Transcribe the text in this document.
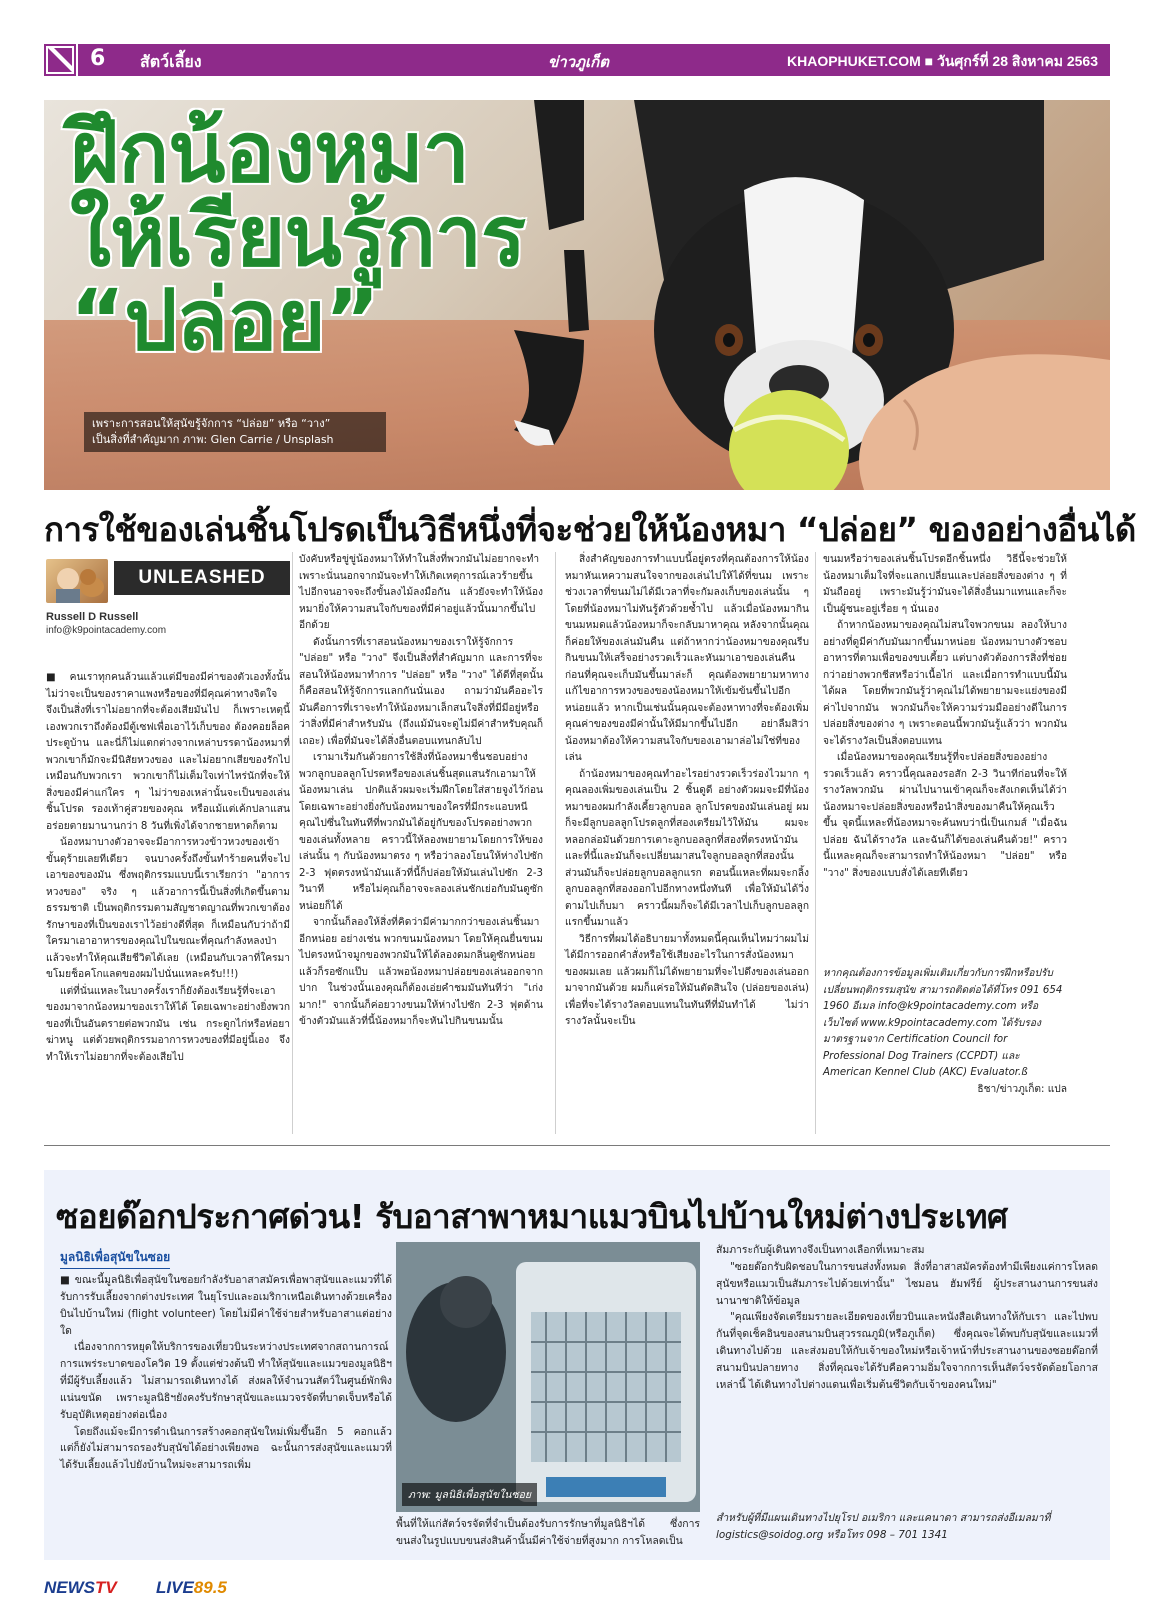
6 สัตว์เลี้ยง	ข่าวภูเก็ต	KHAOPHUKET.COM ■ วันศุกร์ที่ 28 สิงหาคม 2563
ฝึกน้องหมา
ให้เรียนรู้การ
“ปล่อย”
เพราะการสอนให้สุนัขรู้จักการ “ปล่อย” หรือ “วาง”
เป็นสิ่งที่สำคัญมาก ภาพ: Glen Carrie / Unsplash
การใช้ของเล่นชิ้นโปรดเป็นวิธีหนึ่งที่จะช่วยให้น้องหมา “ปล่อย” ของอย่างอื่นได้
UNLEASHED
Russell D Russell
info@k9pointacademy.com

■ คนเราทุกคนล้วนแล้วแต่มีของมีค่าของตัวเองทั้งนั้น ไม่ว่าจะเป็นของราคาแพงหรือของที่มีคุณค่าทางจิตใจ จึงเป็นสิ่งที่เราไม่อยากที่จะต้องเสียมันไป ก็เพราะเหตุนี้เองพวกเราถึงต้องมีตู้เซฟเพื่อเอาไว้เก็บของ ต้องคอยล็อคประตูบ้าน และนี่ก็ไม่แตกต่างจากเหล่าบรรดาน้องหมาที่พวกเขาก็มักจะมีนิสัยหวงของ และไม่อยากเสียของรักไปเหมือนกับพวกเรา พวกเขาก็ไม่เต็มใจเท่าไหร่นักที่จะให้สิ่งของมีค่าแก่ใคร ๆ ไม่ว่าของเหล่านั้นจะเป็นของเล่นชิ้นโปรด รองเท้าคู่สวยของคุณ หรือแม้แต่เค้กปลาแสนอร่อยตายมานานกว่า 8 วันที่เพิ่งได้จากชายหาดก็ตาม

น้องหมาบางตัวอาจจะมีอาการหวงข้าวหวงของเข้าขั้นดุร้ายเลยทีเดียว จนบางครั้งถึงขั้นทำร้ายคนที่จะไปเอาของของมัน ซึ่งพฤติกรรมแบบนี้เราเรียกว่า "อาการหวงของ" จริง ๆ แล้วอาการนี้เป็นสิ่งที่เกิดขึ้นตามธรรมชาติ เป็นพฤติกรรมตามสัญชาตญาณที่พวกเขาต้องรักษาของที่เป็นของเราไว้อย่างดีที่สุด ก็เหมือนกับว่าถ้ามีใครมาเอาอาหารของคุณไปในขณะที่คุณกำลังหลงป่าแล้วจะทำให้คุณเสียชีวิตได้เลย (เหมือนกับเวลาที่ใครมา ขโมยช็อคโกแลตของผมไปนั่นแหละครับ!!!)

แต่ที่นั่นแหละในบางครั้งเราก็ยังต้องเรียนรู้ที่จะเอาของมาจากน้องหมาของเราให้ได้ โดยเฉพาะอย่างยิ่งพวกของที่เป็นอันตรายต่อพวกมัน เช่น กระดูกไก่หรือห่อยาฆ่าหนู แต่ด้วยพฤติกรรมอาการหวงของที่มีอยู่นี้เอง จึงทำให้เราไม่อยากที่จะต้องเสียไป

บังคับหรือขู่ขู่น้องหมาให้ทำในสิ่งที่พวกมันไม่อยากจะทำ เพราะนั่นนอกจากมันจะทำให้เกิดเหตุการณ์เลวร้ายขึ้นไปอีกจนอาจจะถึงขั้นลงไม้ลงมือกัน แล้วยังจะทำให้น้องหมายิ่งให้ความสนใจกับของที่มีค่าอยู่แล้วนั้นมากขึ้นไปอีกด้วย

ดังนั้นการที่เราสอนน้องหมาของเราให้รู้จักการ "ปล่อย" หรือ "วาง" จึงเป็นสิ่งที่สำคัญมาก และการที่จะสอนให้น้องหมาทำการ "ปล่อย" หรือ "วาง" ได้ดีที่สุดนั้นก็คือสอนให้รู้จักการแลกกันนั่นเอง ถามว่ามันคืออะไร มันคือการที่เราจะทำให้น้องหมาเล็กสนใจสิ่งที่มีมีอยู่หรือว่าสิ่งที่มีค่าสำหรับมัน (ถึงแม้มันจะดูไม่มีค่าสำหรับคุณก็เถอะ) เพื่อที่มันจะได้สิ่งอื่นตอบแทนกลับไป

เรามาเริ่มกันด้วยการใช้สิ่งที่น้องหมาชื่นชอบอย่างพวกลูกบอลลูกโปรดหรือของเล่นชิ้นสุดแสนรักเอามาให้น้องหมาเล่น ปกติแล้วผมจะเริ่มฝึกโดยใส่สายจูงไว้ก่อน โดยเฉพาะอย่างยิ่งกับน้องหมาของใครที่มีกระแอบหนีคุณไปซึ่นในทันทีที่พวกมันได้อยู่กับของโปรดอย่างพวกของเล่นทั้งหลาย คราวนี้ให้ลองพยายามโดยการให้ของเล่นนั้น ๆ กับน้องหมาตรง ๆ หรือว่าลองโยนให้ห่างไปซัก 2-3 ฟุตตรงหน้ามันแล้วที่นี้ก็ปล่อยให้มันเล่นไปซัก 2-3 วินาที หรือไม่คุณก็อาจจะลองเล่นชักเย่อกับมันดูซักหน่อยก็ได้

จากนั้นก็ลองให้สิ่งที่คิดว่ามีค่ามากกว่าของเล่นชิ้นมาอีกหน่อย อย่างเช่น พวกขนมน้องหมา โดยให้คุณยื่นขนมไปตรงหน้าจมูกของพวกมันให้ได้ลองดมกลิ่นดูซักหน่อยแล้วก็รอซักแป๊บ แล้วพอน้องหมาปล่อยของเล่นออกจากปาก ในช่วงนั้นเองคุณก็ต้องเอ่ยคำชมมันทันทีว่า "เก่งมาก!" จากนั้นก็ค่อยวางขนมให้ห่างไปซัก 2-3 ฟุตด้านข้างตัวมันแล้วที่นี้น้องหมาก็จะหันไปกินขนมนั้น

สิ่งสำคัญของการทำแบบนี้อยู่ตรงที่คุณต้องการให้น้องหมาหันเหความสนใจจากของเล่นไปให้ได้ที่ขนม เพราะช่วงเวลาที่ขนมไม่ได้มีเวลาที่จะกัมลงเก็บของเล่นนั้น ๆ โดยที่น้องหมาไม่ทันรู้ตัวด้วยซ้ำไป แล้วเมื่อน้องหมากินขนมหมดแล้วน้องหมาก็จะกลับมาหาคุณ หลังจากนั้นคุณก็ค่อยให้ของเล่นมันคืน แต่ถ้าหากว่าน้องหมาของคุณรีบกินขนมให้เสร็จอย่างรวดเร็วและหันมาเอาของเล่นคืนก่อนที่คุณจะเก็บมันขึ้นมาล่ะก็ คุณต้องพยายามหาทางแก้ไขอาการหวงของของน้องหมาให้เข้มข้นขึ้นไปอีกหน่อยแล้ว หากเป็นเช่นนั้นคุณจะต้องหาทางที่จะต้องเพิ่มคุณค่าของของมีค่านั้นให้มีมากขึ้นไปอีก อย่าลืมสิว่า น้องหมาต้องให้ความสนใจกับของเอามาล่อไม่ใช่ที่ของเล่น

ถ้าน้องหมาของคุณทำอะไรอย่างรวดเร็วร่องไวมาก ๆ คุณลองเพิ่มของเล่นเป็น 2 ชิ้นดูดี อย่างตัวผมจะมีที่น้องหมาของผมกำลังเคี้ยวลูกบอล ลูกโปรดของมันเล่นอยู่ ผมก็จะมีลูกบอลลูกโปรดลูกที่สองเตรียมไว้ให้มัน ผมจะหลอกล่อมันด้วยการเตาะลูกบอลลูกที่สองที่ตรงหน้ามัน และที่นี้และมันก็จะเปลี่ยนมาสนใจลูกบอลลูกที่สองนั้น ส่วนมันก็จะปล่อยลูกบอลลูกแรก ตอนนี้แหละที่ผมจะกลิ้งลูกบอลลูกที่สองออกไปอีกทางหนึ่งทันที เพื่อให้มันได้วิ่งตามไปเก็บมา คราวนี้ผมก็จะได้มีเวลาไปเก็บลูกบอลลูกแรกขึ้นมาแล้ว

วิธีการที่ผมได้อธิบายมาทั้งหมดนี้คุณเห็นไหมว่าผมไม่ได้มีการออกคำสั่งหรือใช้เสียงอะไรในการสั่งน้องหมาของผมเลย แล้วผมก็ไม่ได้พยายามที่จะไปดึงของเล่นออกมาจากมันด้วย ผมก็แค่รอให้มันตัดสินใจ (ปล่อยของเล่น) เพื่อที่จะได้รางวัลตอบแทนในทันทีที่มันทำได้ ไม่ว่ารางวัลนั้นจะเป็น

ขนมหรือว่าของเล่นชิ้นโปรดอีกชิ้นหนึ่ง วิธีนี้จะช่วยให้น้องหมาเต็มใจที่จะแลกเปลี่ยนและปล่อยสิ่งของต่าง ๆ ที่มันถืออยู่ เพราะมันรู้ว่ามันจะได้สิ่งอื่นมาแทนและก็จะเป็นผู้ชนะอยู่เรื่อย ๆ นั่นเอง

ถ้าหากน้องหมาของคุณไม่สนใจพวกขนม ลองให้บางอย่างที่ดูมีค่ากับมันมากขึ้นมาหน่อย น้องหมาบางตัวชอบอาหารที่ตามเพื่อของขบเคี้ยว แต่บางตัวต้องการสิ่งที่ช่อยกว่าอย่างพวกชีสหรือว่าเนื้อไก่ และเมื่อการทำแบบนี้มันได้ผล โดยที่พวกมันรู้ว่าคุณไม่ได้พยายามจะแย่งของมีค่าไปจากมัน พวกมันก็จะให้ความร่วมมืออย่างดีในการปล่อยสิ่งของต่าง ๆ เพราะตอนนี้พวกมันรู้แล้วว่า พวกมันจะได้รางวัลเป็นสิ่งตอบแทน

เมื่อน้องหมาของคุณเรียนรู้ที่จะปล่อยสิ่งของอย่างรวดเร็วแล้ว คราวนี้คุณลองรอสัก 2-3 วินาทีก่อนที่จะให้รางวัลพวกมัน ผ่านไปนานเข้าคุณก็จะสังเกตเห็นได้ว่าน้องหมาจะปล่อยสิ่งของหรือนำสิ่งของมาคืนให้คุณเร็วขึ้น จุดนี้แหละที่น้องหมาจะค้นพบว่านี่เป็นเกมส์ "เมื่อฉันปล่อย ฉันได้รางวัล และฉันก็ได้ของเล่นคืนด้วย!" คราวนี้แหละคุณก็จะสามารถทำให้น้องหมา "ปล่อย" หรือ "วาง" สิ่งของแบบสั่งได้เลยทีเดียว

หากคุณต้องการข้อมูลเพิ่มเติมเกี่ยวกับการฝึกหรือปรับเปลี่ยนพฤติกรรมสุนัข สามารถติดต่อได้ที่โทร 091 654 1960 อีเมล info@k9pointacademy.com หรือเว็บไซต์ www.k9pointacademy.com ได้รับรองมาตรฐานจาก Certification Council for Professional Dog Trainers (CCPDT) และ American Kennel Club (AKC) Evaluator.ß

ธิชา/ข่าวภูเก็ต: แปล

ซอยด๊อกประกาศด่วน! รับอาสาพาหมาแมวบินไปบ้านใหม่ต่างประเทศ
มูลนิธิเพื่อสุนัขในซอย

■ ขณะนี้มูลนิธิเพื่อสุนัขในซอยกำลังรับอาสาสมัครเพื่อพาสุนัขและแมวที่ได้รับการรับเลี้ยงจากต่างประเทศ ในยุโรปและอเมริกาเหนือเดินทางด้วยเครื่องบินไปบ้านใหม่ (flight volunteer) โดยไม่มีค่าใช้จ่ายสำหรับอาสาแต่อย่างใด

เนื่องจากการหยุดให้บริการของเที่ยวบินระหว่างประเทศจากสถานการณ์การแพร่ระบาดของโควิด 19 ตั้งแต่ช่วงต้นปี ทำให้สุนัขและแมวของมูลนิธิฯที่มีผู้รับเลี้ยงแล้ว ไม่สามารถเดินทางได้ ส่งผลให้จำนวนสัตว์ในศูนย์พักพิงแน่นขนัด เพราะมูลนิธิฯยังคงรับรักษาสุนัขและแมวจรจัดที่บาดเจ็บหรือได้รับอุบัติเหตุอย่างต่อเนื่อง

โดยถึงแม้จะมีการดำเนินการสร้างคอกสุนัขใหม่เพิ่มขึ้นอีก 5 คอกแล้ว แต่ก็ยังไม่สามารถรองรับสุนัขได้อย่างเพียงพอ ฉะนั้นการส่งสุนัขและแมวที่ได้รับเลี้ยงแล้วไปยังบ้านใหม่จะสามารถเพิ่ม

ภาพ: มูลนิธิเพื่อสุนัขในซอย

พื้นที่ให้แก่สัตว์จรจัดที่จำเป็นต้องรับการรักษาที่มูลนิธิฯได้ ซึ่งการขนส่งในรูปแบบขนส่งสินค้านั้นมีค่าใช้จ่ายที่สูงมาก การโหลดเป็น

สัมภาระกับผู้เดินทางจึงเป็นทางเลือกที่เหมาะสม

"ซอยด๊อกรับผิดชอบในการขนส่งทั้งหมด สิ่งที่อาสาสมัครต้องทำมีเพียงแค่การโหลดสุนัขหรือแมวเป็นสัมภาระไปด้วยเท่านั้น" ไซมอน ฮัมฟรีย์ ผู้ประสานงานการขนส่งนานาชาติให้ข้อมูล

"คุณเพียงจัดเตรียมรายละเอียดของเที่ยวบินและหนังสือเดินทางให้กับเรา และไปพบกันที่จุดเช็คอินของสนามบินสุวรรณภูมิ(หรือภูเก็ต) ซึ่งคุณจะได้พบกับสุนัขและแมวที่เดินทางไปด้วย และส่งมอบให้กับเจ้าของใหม่หรือเจ้าหน้าที่ประสานงานของซอยด๊อกที่สนามบินปลายทาง สิ่งที่คุณจะได้รับคือความอิ่มใจจากการเห็นสัตว์จรจัดด้อยโอกาสเหล่านี้ ได้เดินทางไปต่างแดนเพื่อเริ่มต้นชีวิตกับเจ้าของคนใหม่"

สำหรับผู้ที่มีแผนเดินทางไปยุโรป อเมริกา และแคนาดา สามารถส่งอีเมลมาที่ logistics@soidog.org หรือโทร 098 – 701 1341
NEWSTV LIVE89.5
